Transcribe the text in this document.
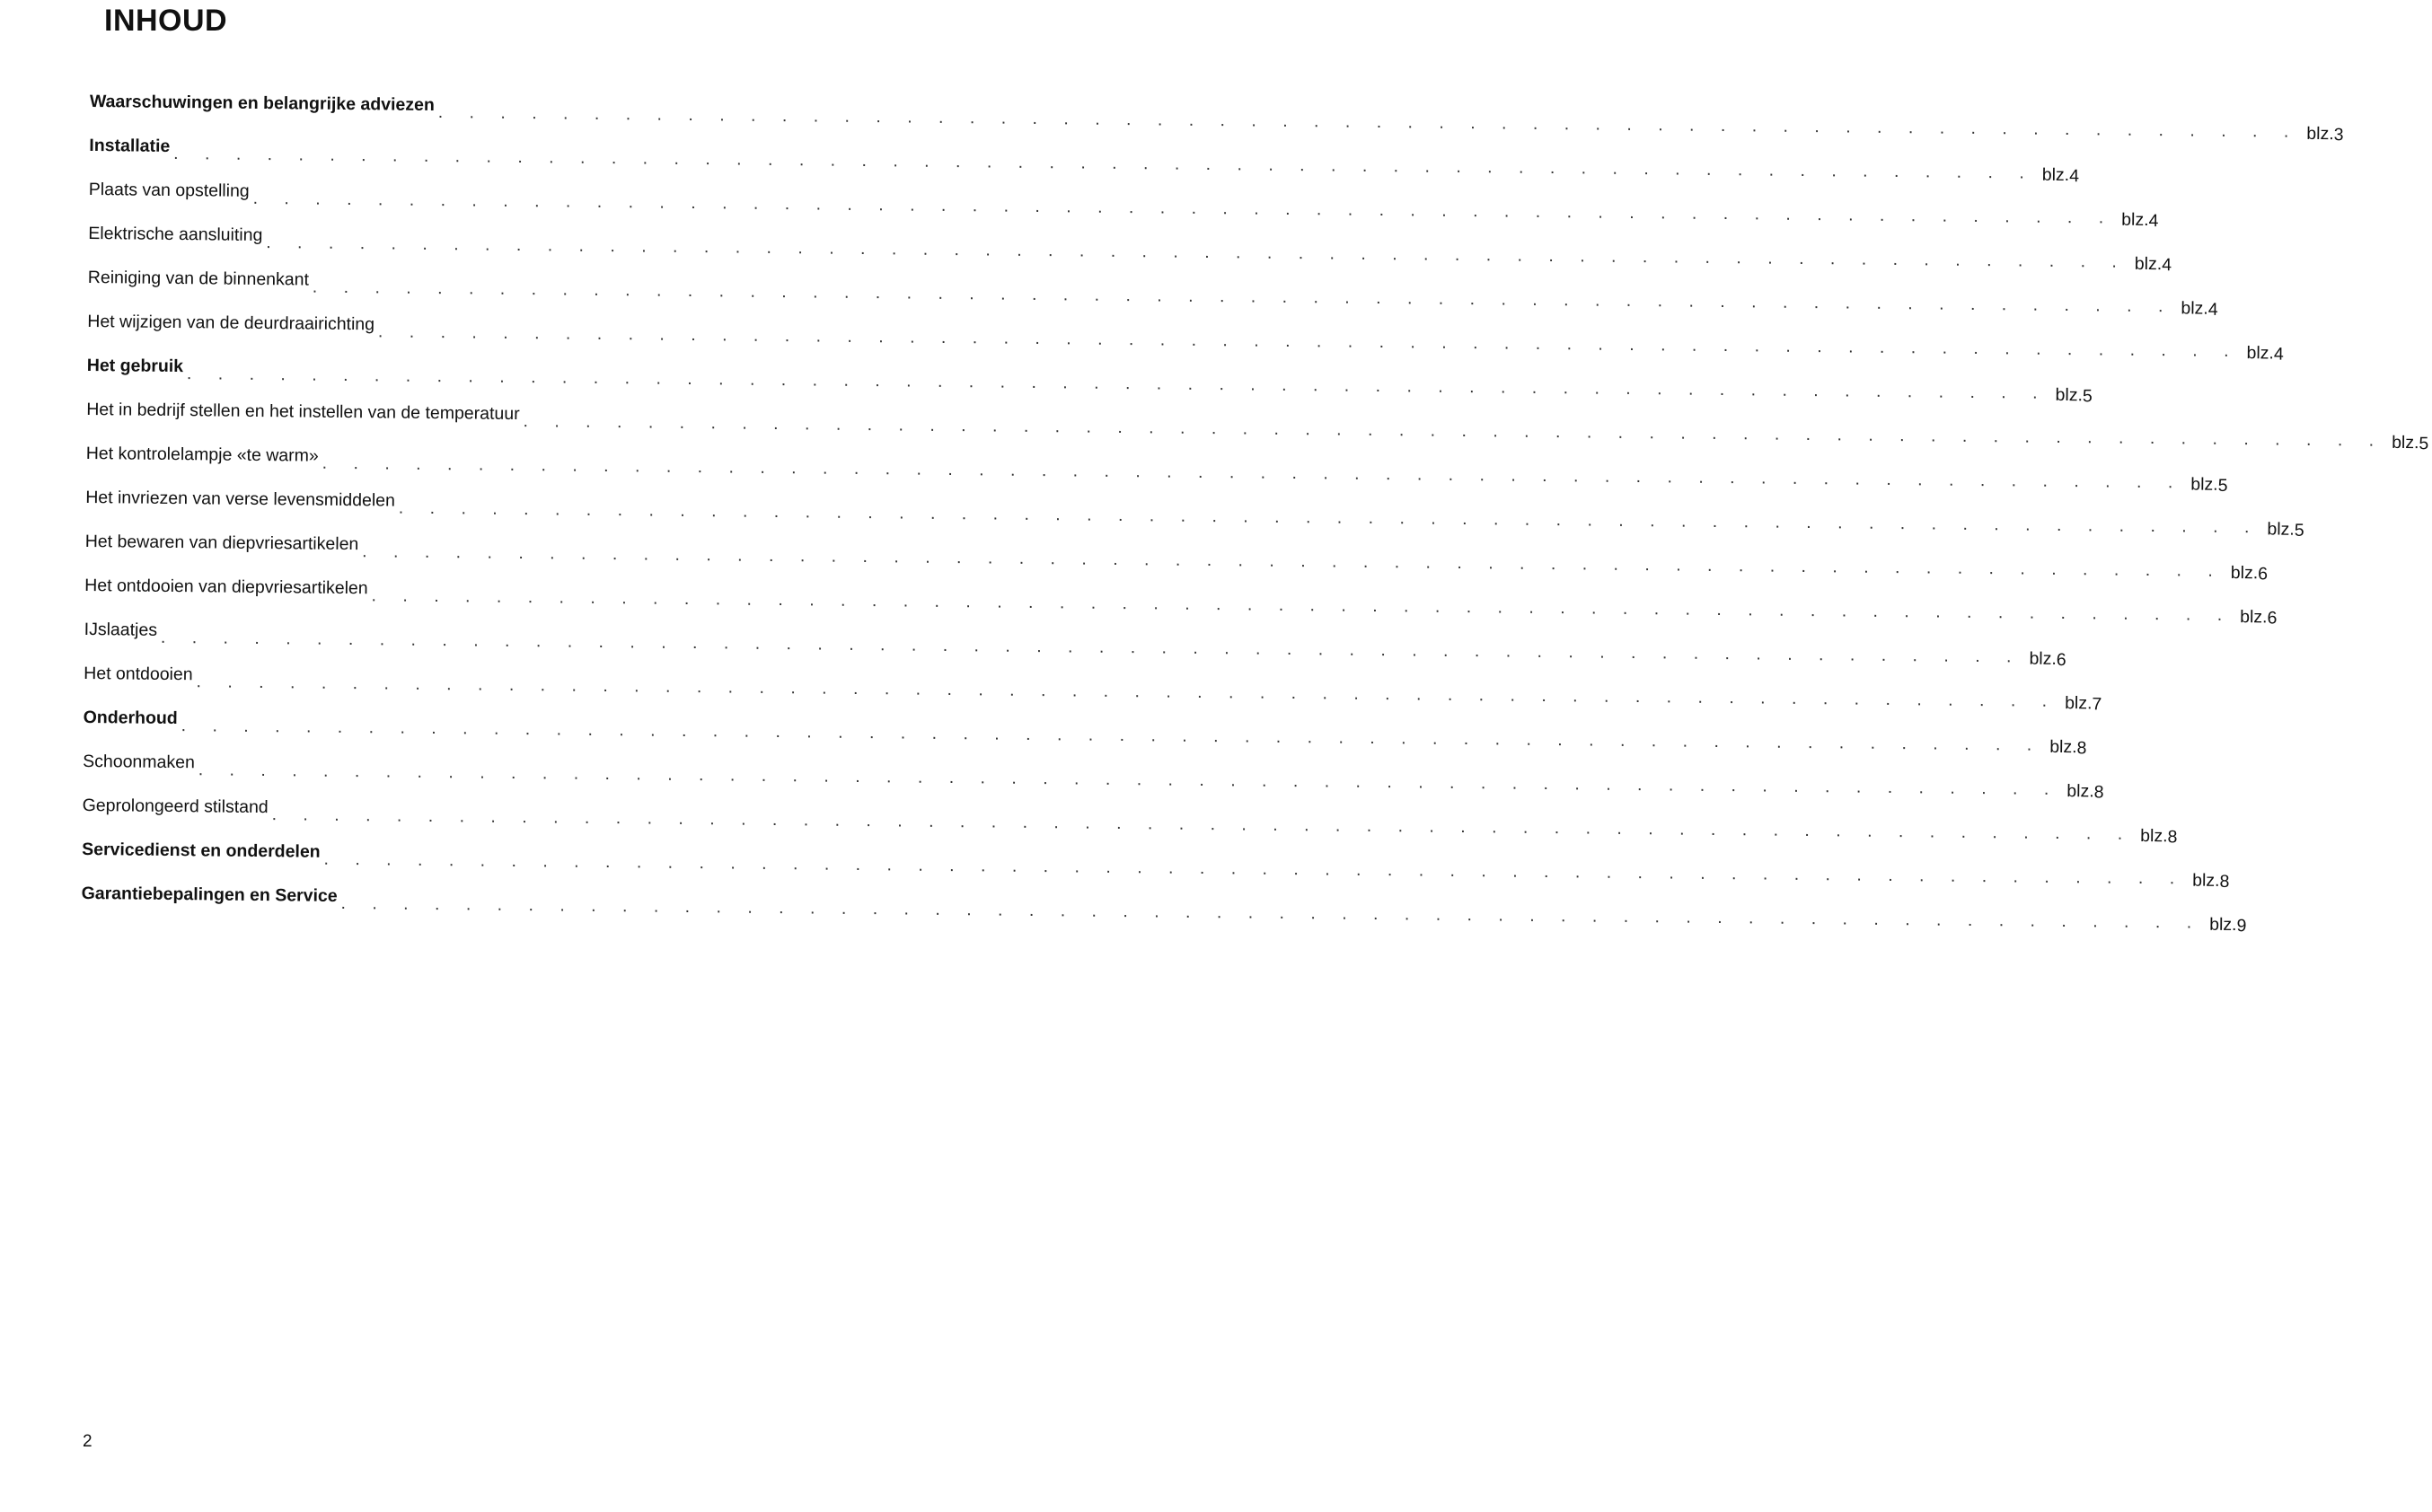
INHOUD
Waarschuwingen en belangrijke adviezen . . . . . . . . . . . . . . . . . . . . . . . . . . . . . . . . . . . . . . . . . . . . . . . . . . . . . . . . . . . . blz. 3
Installatie . . . . . . . . . . . . . . . . . . . . . . . . . . . . . . . . . . . . . . . . . . . . . . . . . . . . . . . . . . . . blz. 4
Plaats van opstelling . . . . . . . . . . . . . . . . . . . . . . . . . . . . . . . . . . . . . . . . . . . . . . . . . . . . . . . . . . . . blz. 4
Elektrische aansluiting . . . . . . . . . . . . . . . . . . . . . . . . . . . . . . . . . . . . . . . . . . . . . . . . . . . . . . . . . . . . blz. 4
Reiniging van de binnenkant . . . . . . . . . . . . . . . . . . . . . . . . . . . . . . . . . . . . . . . . . . . . . . . . . . . . . . . . . . . . blz. 4
Het wijzigen van de deurdraairichting . . . . . . . . . . . . . . . . . . . . . . . . . . . . . . . . . . . . . . . . . . . . . . . . . . . . . . . . . . . . blz. 4
Het gebruik . . . . . . . . . . . . . . . . . . . . . . . . . . . . . . . . . . . . . . . . . . . . . . . . . . . . . . . . . . . . blz. 5
Het in bedrijf stellen en het instellen van de temperatuur . . . . . . . . . . . . . . . . . . . . . . . . . . . . . . . . . . . . . . . . . . . . . . . . . . . . . . . . . . . . blz. 5
Het kontrolelampje «te warm» . . . . . . . . . . . . . . . . . . . . . . . . . . . . . . . . . . . . . . . . . . . . . . . . . . . . . . . . . . . . blz. 5
Het invriezen van verse levensmiddelen . . . . . . . . . . . . . . . . . . . . . . . . . . . . . . . . . . . . . . . . . . . . . . . . . . . . . . . . . . . . blz. 5
Het bewaren van diepvriesartikelen . . . . . . . . . . . . . . . . . . . . . . . . . . . . . . . . . . . . . . . . . . . . . . . . . . . . . . . . . . . . blz. 6
Het ontdooien van diepvriesartikelen . . . . . . . . . . . . . . . . . . . . . . . . . . . . . . . . . . . . . . . . . . . . . . . . . . . . . . . . . . . . blz. 6
IJslaatjes . . . . . . . . . . . . . . . . . . . . . . . . . . . . . . . . . . . . . . . . . . . . . . . . . . . . . . . . . . . . blz. 6
Het ontdooien . . . . . . . . . . . . . . . . . . . . . . . . . . . . . . . . . . . . . . . . . . . . . . . . . . . . . . . . . . . . blz. 7
Onderhoud . . . . . . . . . . . . . . . . . . . . . . . . . . . . . . . . . . . . . . . . . . . . . . . . . . . . . . . . . . . . blz. 8
Schoonmaken . . . . . . . . . . . . . . . . . . . . . . . . . . . . . . . . . . . . . . . . . . . . . . . . . . . . . . . . . . . . blz. 8
Geprolongeerd stilstand . . . . . . . . . . . . . . . . . . . . . . . . . . . . . . . . . . . . . . . . . . . . . . . . . . . . . . . . . . . . blz. 8
Servicedienst en onderdelen . . . . . . . . . . . . . . . . . . . . . . . . . . . . . . . . . . . . . . . . . . . . . . . . . . . . . . . . . . . . blz. 8
Garantiebepalingen en Service . . . . . . . . . . . . . . . . . . . . . . . . . . . . . . . . . . . . . . . . . . . . . . . . . . . . . . . . . . . . blz. 9
2
